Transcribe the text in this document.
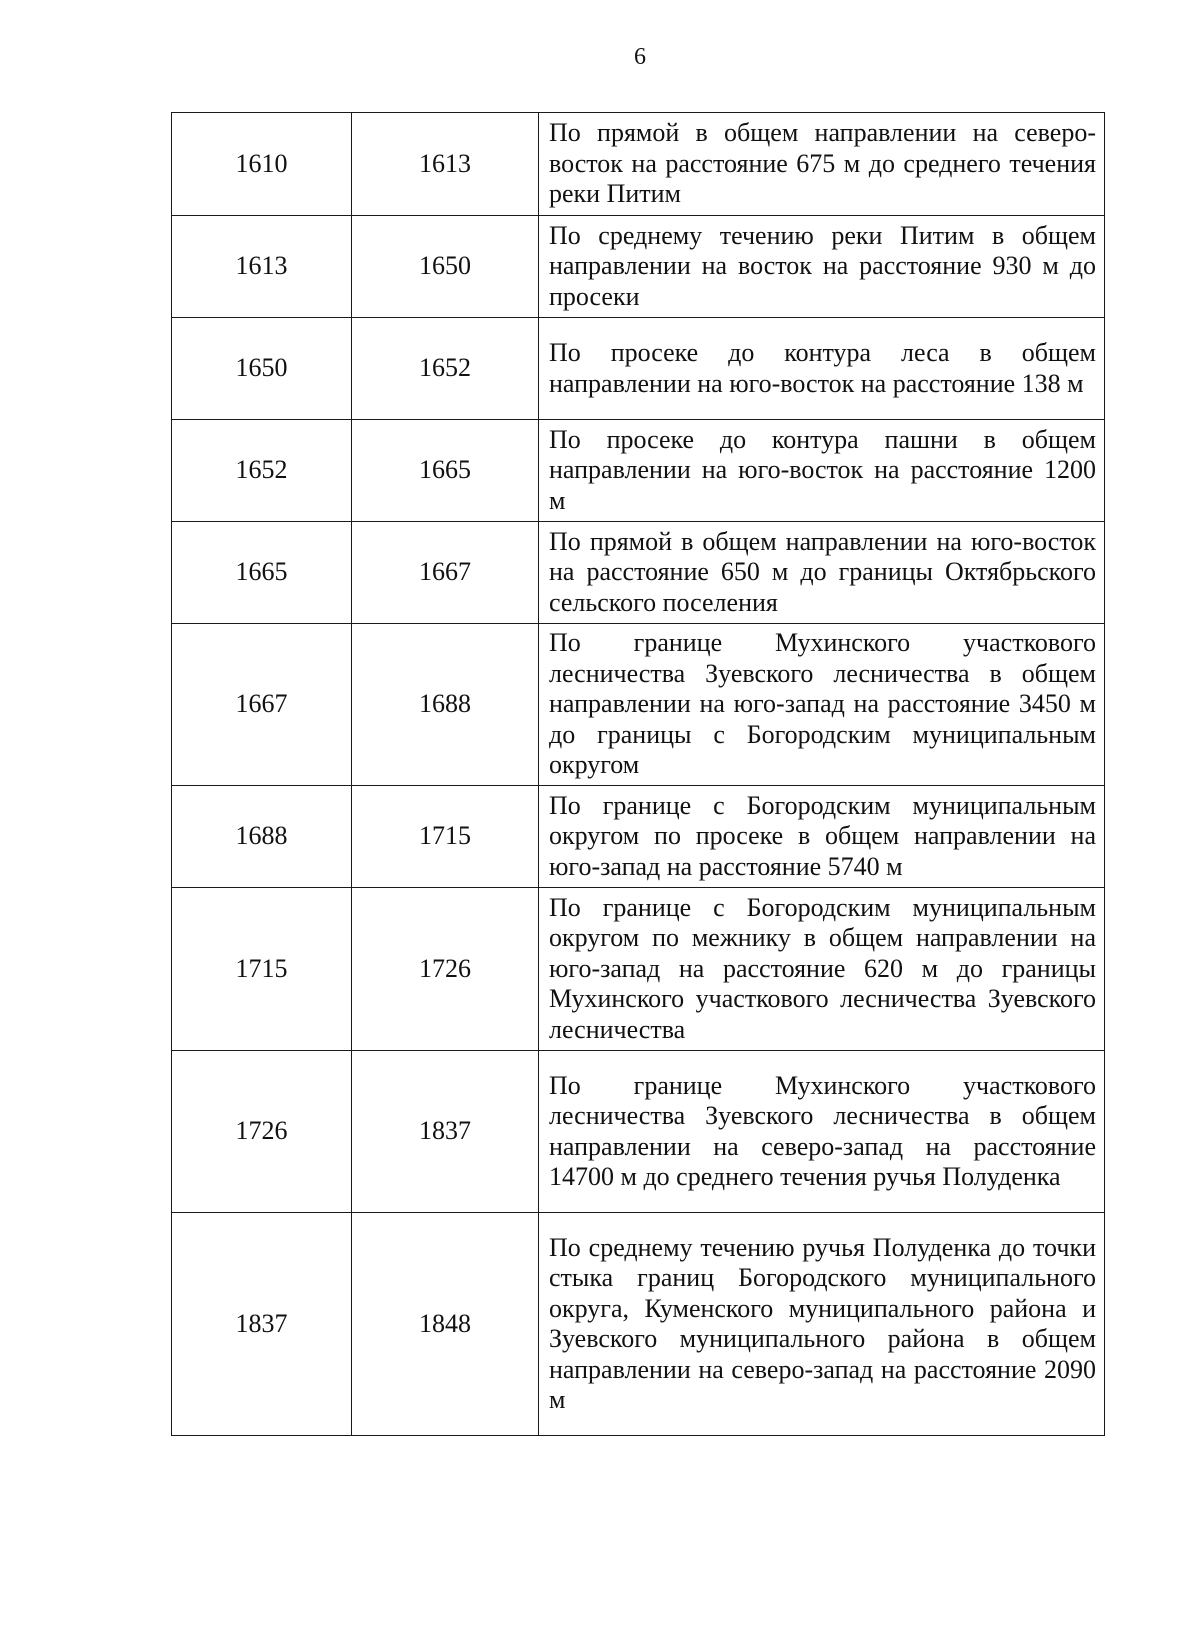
6
1610	1613	По прямой в общем направлении на северо-восток на расстояние 675 м до среднего течения реки Питим
1613	1650	По среднему течению реки Питим в общем направлении на восток на расстояние 930 м до просеки
1650	1652	По просеке до контура леса в общем направлении на юго-восток на расстояние 138 м
1652	1665	По просеке до контура пашни в общем направлении на юго-восток на расстояние 1200 м
1665	1667	По прямой в общем направлении на юго-восток на расстояние 650 м до границы Октябрьского сельского поселения
1667	1688	По границе Мухинского участкового лесничества Зуевского лесничества в общем направлении на юго-запад на расстояние 3450 м до границы с Богородским муниципальным округом
1688	1715	По границе с Богородским муниципальным округом по просеке в общем направлении на юго-запад на расстояние 5740 м
1715	1726	По границе с Богородским муниципальным округом по межнику в общем направлении на юго-запад на расстояние 620 м до границы Мухинского участкового лесничества Зуевского лесничества
1726	1837	По границе Мухинского участкового лесничества Зуевского лесничества в общем направлении на северо-запад на расстояние 14700 м до среднего течения ручья Полуденка
1837	1848	По среднему течению ручья Полуденка до точки стыка границ Богородского муниципального округа, Куменского муниципального района и Зуевского муниципального района в общем направлении на северо-запад на расстояние 2090 м
